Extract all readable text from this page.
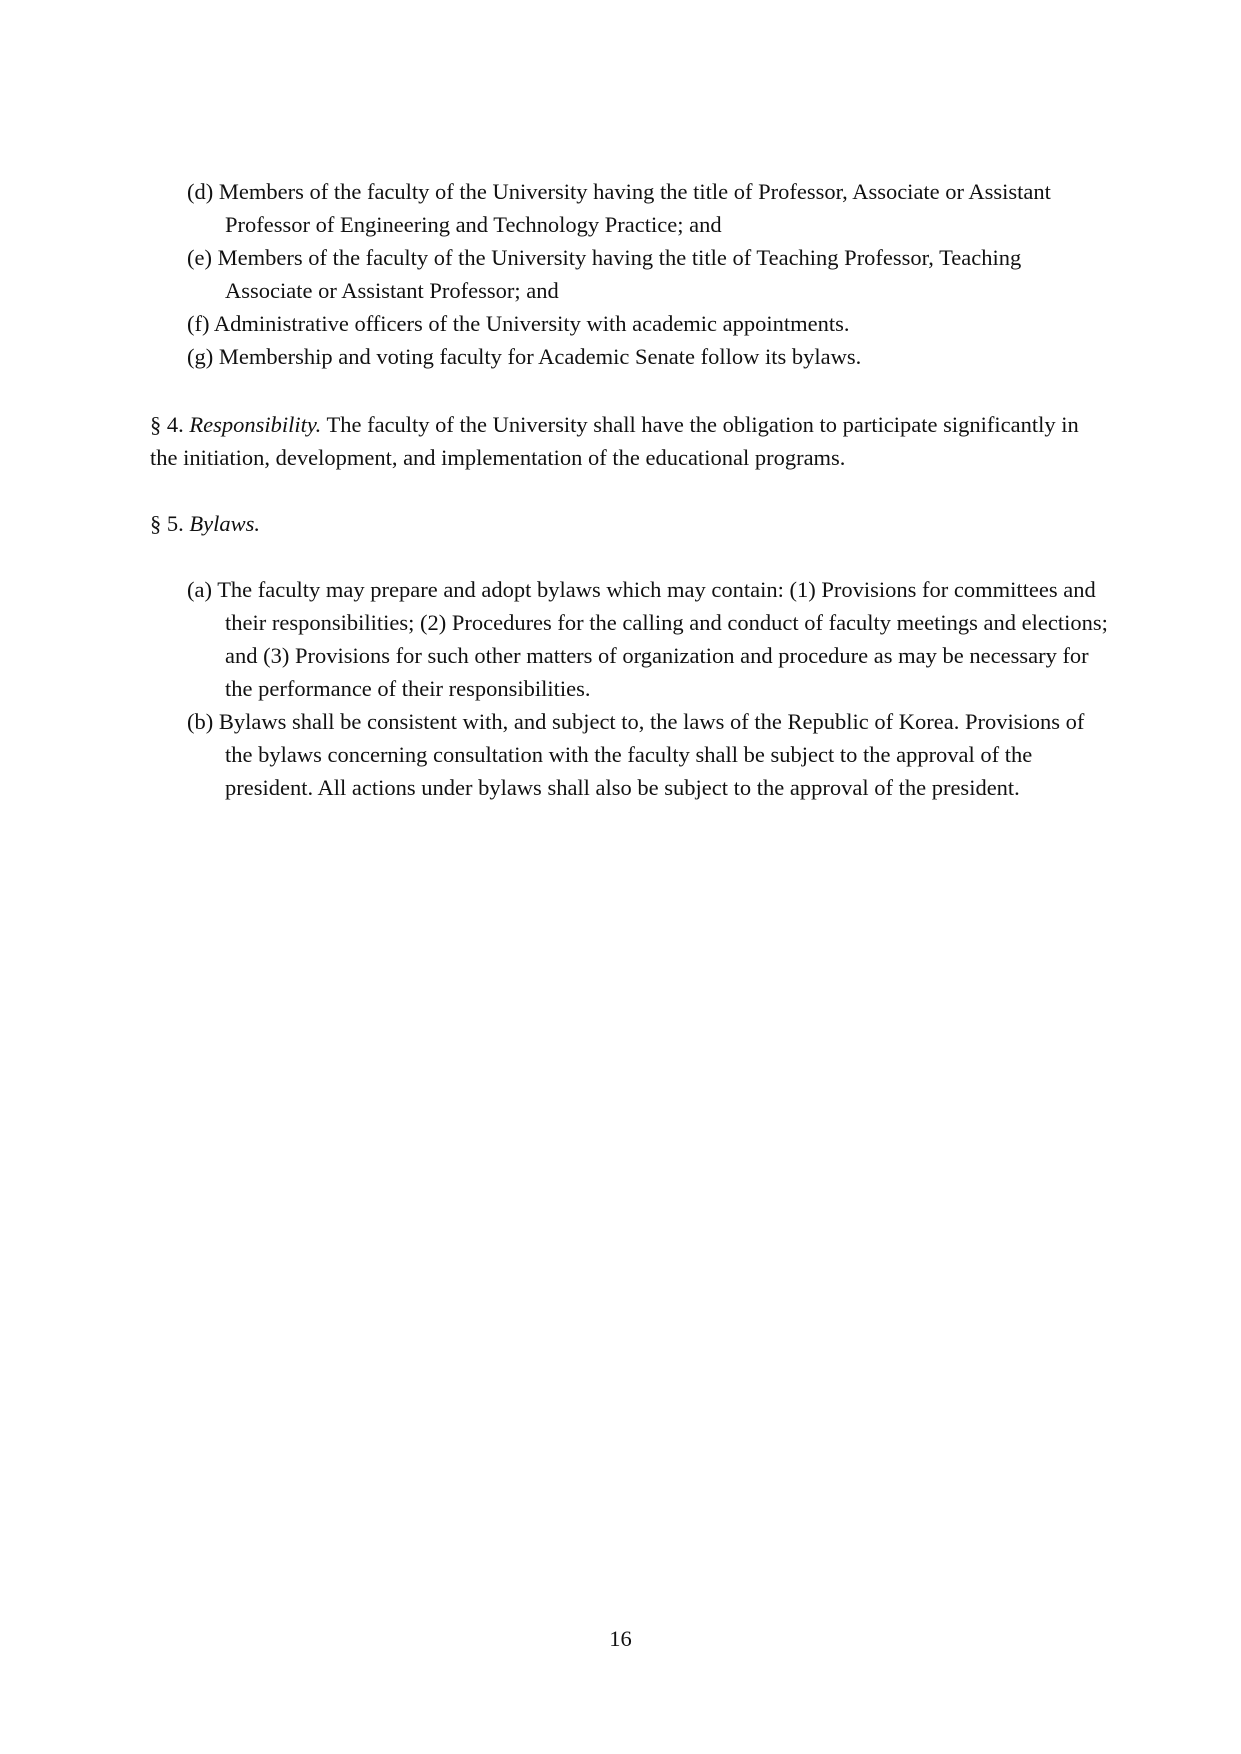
(d) Members of the faculty of the University having the title of Professor, Associate or Assistant Professor of Engineering and Technology Practice; and
(e) Members of the faculty of the University having the title of Teaching Professor, Teaching Associate or Assistant Professor; and
(f) Administrative officers of the University with academic appointments.
(g) Membership and voting faculty for Academic Senate follow its bylaws.

§ 4. Responsibility. The faculty of the University shall have the obligation to participate significantly in the initiation, development, and implementation of the educational programs.

§ 5. Bylaws.

(a) The faculty may prepare and adopt bylaws which may contain: (1) Provisions for committees and their responsibilities; (2) Procedures for the calling and conduct of faculty meetings and elections; and (3) Provisions for such other matters of organization and procedure as may be necessary for the performance of their responsibilities.
(b) Bylaws shall be consistent with, and subject to, the laws of the Republic of Korea. Provisions of the bylaws concerning consultation with the faculty shall be subject to the approval of the president. All actions under bylaws shall also be subject to the approval of the president.
16
